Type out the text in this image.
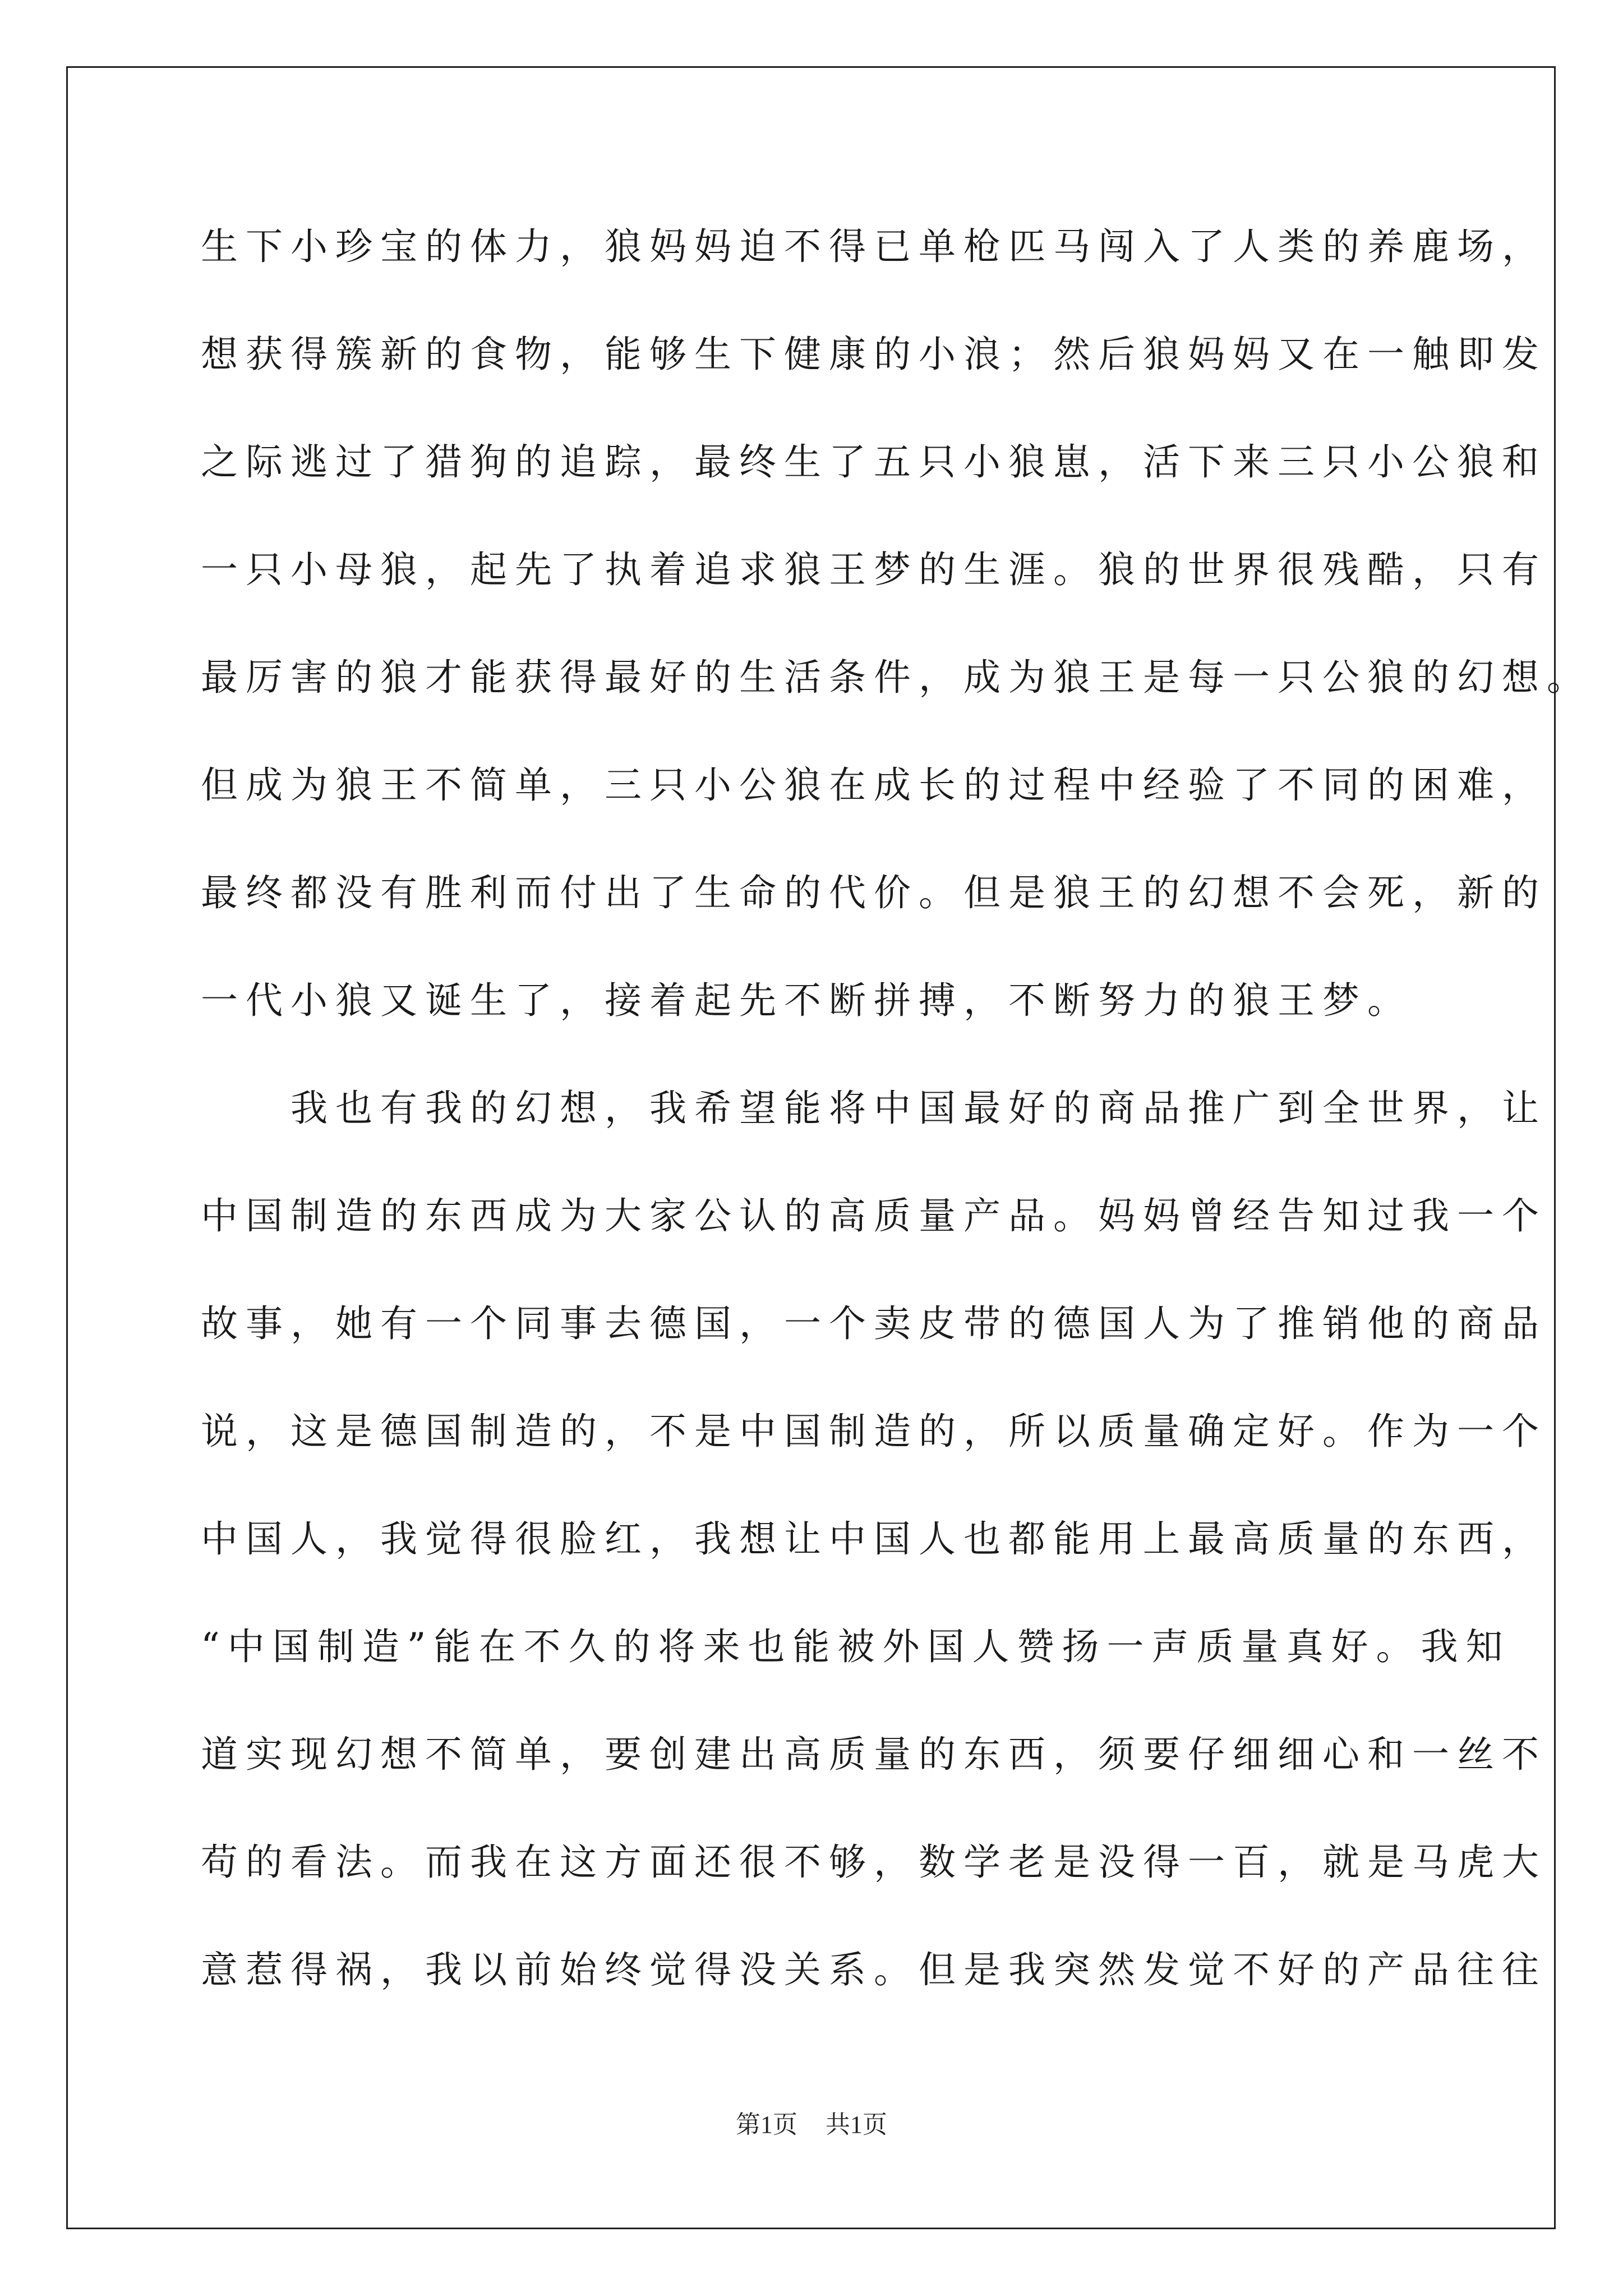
生下小珍宝的体力，狼妈妈迫不得已单枪匹马闯入了人类的养鹿场，
想获得簇新的食物，能够生下健康的小浪；然后狼妈妈又在一触即发
之际逃过了猎狗的追踪，最终生了五只小狼崽，活下来三只小公狼和
一只小母狼，起先了执着追求狼王梦的生涯。狼的世界很残酷，只有
最厉害的狼才能获得最好的生活条件，成为狼王是每一只公狼的幻想。
但成为狼王不简单，三只小公狼在成长的过程中经验了不同的困难，
最终都没有胜利而付出了生命的代价。但是狼王的幻想不会死，新的
一代小狼又诞生了，接着起先不断拼搏，不断努力的狼王梦。
　　我也有我的幻想，我希望能将中国最好的商品推广到全世界，让
中国制造的东西成为大家公认的高质量产品。妈妈曾经告知过我一个
故事，她有一个同事去德国，一个卖皮带的德国人为了推销他的商品
说，这是德国制造的，不是中国制造的，所以质量确定好。作为一个
中国人，我觉得很脸红，我想让中国人也都能用上最高质量的东西，
“中国制造”能在不久的将来也能被外国人赞扬一声质量真好。我知
道实现幻想不简单，要创建出高质量的东西，须要仔细细心和一丝不
苟的看法。而我在这方面还很不够，数学老是没得一百，就是马虎大
意惹得祸，我以前始终觉得没关系。但是我突然发觉不好的产品往往
第1页 共1页
